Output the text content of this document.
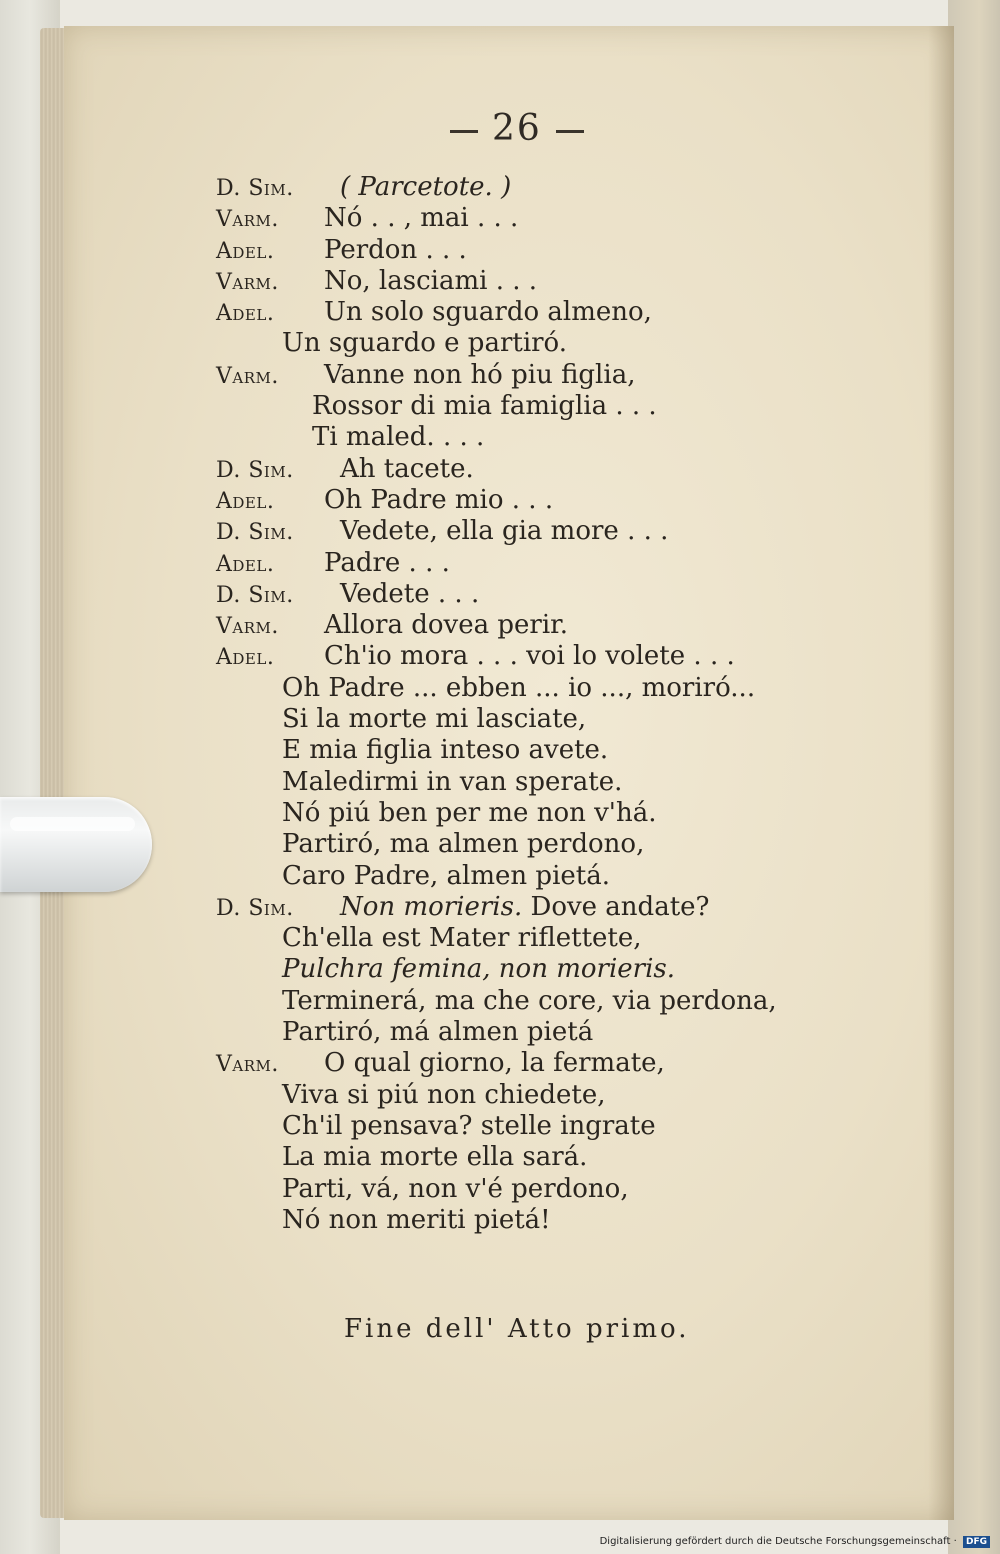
26
D. Sim. ( Parcetote. )
Varm. Nó . . , mai . . .
Adel. Perdon . . .
Varm. No, lasciami . . .
Adel. Un solo sguardo almeno,
Un sguardo e partiró.
Varm. Vanne non hó piu figlia,
Rossor di mia famiglia . . .
Ti maled. . . .
D. Sim. Ah tacete.
Adel. Oh Padre mio . . .
D. Sim. Vedete, ella gia more . . .
Adel. Padre . . .
D. Sim. Vedete . . .
Varm. Allora dovea perir.
Adel. Ch'io mora . . . voi lo volete . . .
Oh Padre ... ebben ... io ..., moriró...
Si la morte mi lasciate,
E mia figlia inteso avete.
Maledirmi in van sperate.
Nó piú ben per me non v'há.
Partiró, ma almen perdono,
Caro Padre, almen pietá.
D. Sim. Non morieris. Dove andate?
Ch'ella est Mater riflettete,
Pulchra femina, non morieris.
Terminerá, ma che core, via perdona,
Partiró, má almen pietá
Varm. O qual giorno, la fermate,
Viva si piú non chiedete,
Ch'il pensava? stelle ingrate
La mia morte ella sará.
Parti, vá, non v'é perdono,
Nó non meriti pietá!
Fine dell' Atto primo.
Digitalisierung gefördert durch die Deutsche Forschungsgemeinschaft · DFG
